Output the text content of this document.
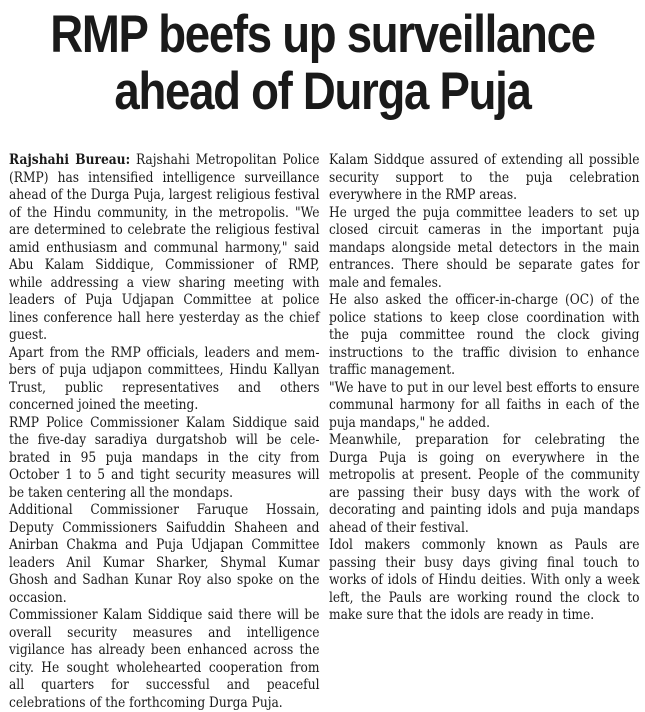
RMP beefs up surveillance
ahead of Durga Puja

Rajshahi Bureau: Rajshahi Metropolitan Police (RMP) has intensified intelligence surveillance ahead of the Durga Puja, largest religious festival of the Hindu community, in the metropolis. "We are determined to celebrate the religious festival amid enthusiasm and communal harmony," said Abu Kalam Siddique, Commissioner of RMP, while addressing a view sharing meeting with leaders of Puja Udjapan Committee at police lines conference hall here yesterday as the chief guest.

Apart from the RMP officials, leaders and members of puja udjapon committees, Hindu Kallyan Trust, public representatives and others concerned joined the meeting.

RMP Police Commissioner Kalam Siddique said the five-day saradiya durgatshob will be celebrated in 95 puja mandaps in the city from October 1 to 5 and tight security measures will be taken centering all the mondaps.

Additional Commissioner Faruque Hossain, Deputy Commissioners Saifuddin Shaheen and Anirban Chakma and Puja Udjapan Committee leaders Anil Kumar Sharker, Shymal Kumar Ghosh and Sadhan Kunar Roy also spoke on the occasion.

Commissioner Kalam Siddique said there will be overall security measures and intelligence vigilance has already been enhanced across the city. He sought wholehearted cooperation from all quarters for successful and peaceful celebrations of the forthcoming Durga Puja.

Kalam Siddque assured of extending all possible security support to the puja celebration everywhere in the RMP areas.

He urged the puja committee leaders to set up closed circuit cameras in the important puja mandaps alongside metal detectors in the main entrances. There should be separate gates for male and females.

He also asked the officer-in-charge (OC) of the police stations to keep close coordination with the puja committee round the clock giving instructions to the traffic division to enhance traffic management.

"We have to put in our level best efforts to ensure communal harmony for all faiths in each of the puja mandaps," he added.

Meanwhile, preparation for celebrating the Durga Puja is going on everywhere in the metropolis at present. People of the community are passing their busy days with the work of decorating and painting idols and puja mandaps ahead of their festival.

Idol makers commonly known as Pauls are passing their busy days giving final touch to works of idols of Hindu deities. With only a week left, the Pauls are working round the clock to make sure that the idols are ready in time.
